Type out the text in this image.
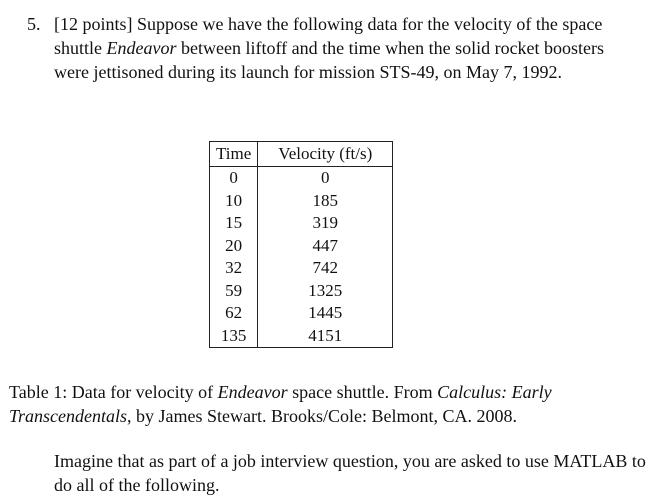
5. [12 points] Suppose we have the following data for the velocity of the space shuttle Endeavor between liftoff and the time when the solid rocket boosters were jettisoned during its launch for mission STS-49, on May 7, 1992.
Time	Velocity (ft/s)
0	0
10	185
15	319
20	447
32	742
59	1325
62	1445
135	4151
Table 1: Data for velocity of Endeavor space shuttle. From Calculus: Early Transcendentals, by James Stewart. Brooks/Cole: Belmont, CA. 2008.
Imagine that as part of a job interview question, you are asked to use MATLAB to do all of the following.
